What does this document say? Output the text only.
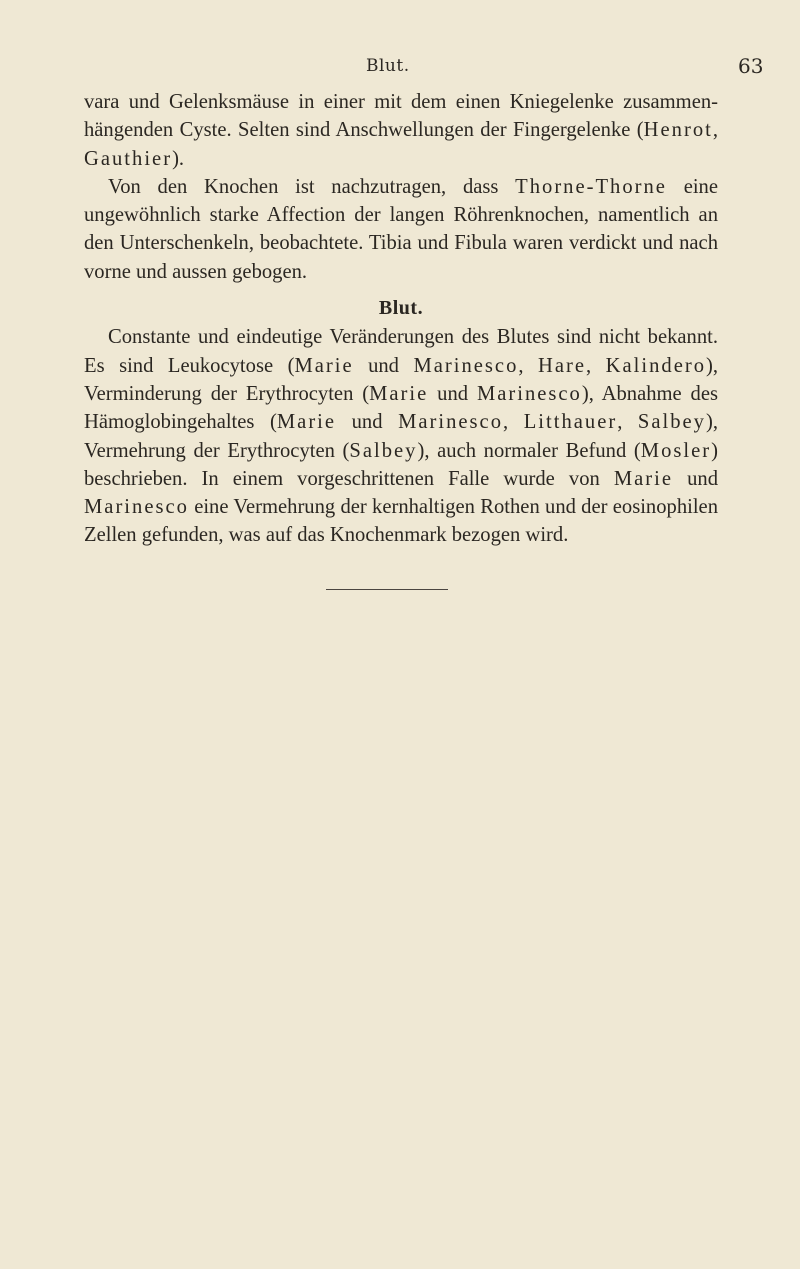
Blut.	63

vara und Gelenksmäuse in einer mit dem einen Kniegelenke zusammen-hängenden Cyste. Selten sind Anschwellungen der Fingergelenke (Henrot, Gauthier).

Von den Knochen ist nachzutragen, dass Thorne-Thorne eine ungewöhnlich starke Affection der langen Röhrenknochen, namentlich an den Unterschenkeln, beobachtete. Tibia und Fibula waren verdickt und nach vorne und aussen gebogen.

Blut.

Constante und eindeutige Veränderungen des Blutes sind nicht bekannt. Es sind Leukocytose (Marie und Marinesco, Hare, Kalindero), Verminderung der Erythrocyten (Marie und Marinesco), Abnahme des Hämoglobingehaltes (Marie und Marinesco, Litthauer, Salbey), Vermehrung der Erythrocyten (Salbey), auch normaler Befund (Mosler) beschrieben. In einem vorgeschrittenen Falle wurde von Marie und Marinesco eine Vermehrung der kernhaltigen Rothen und der eosinophilen Zellen gefunden, was auf das Knochenmark bezogen wird.
